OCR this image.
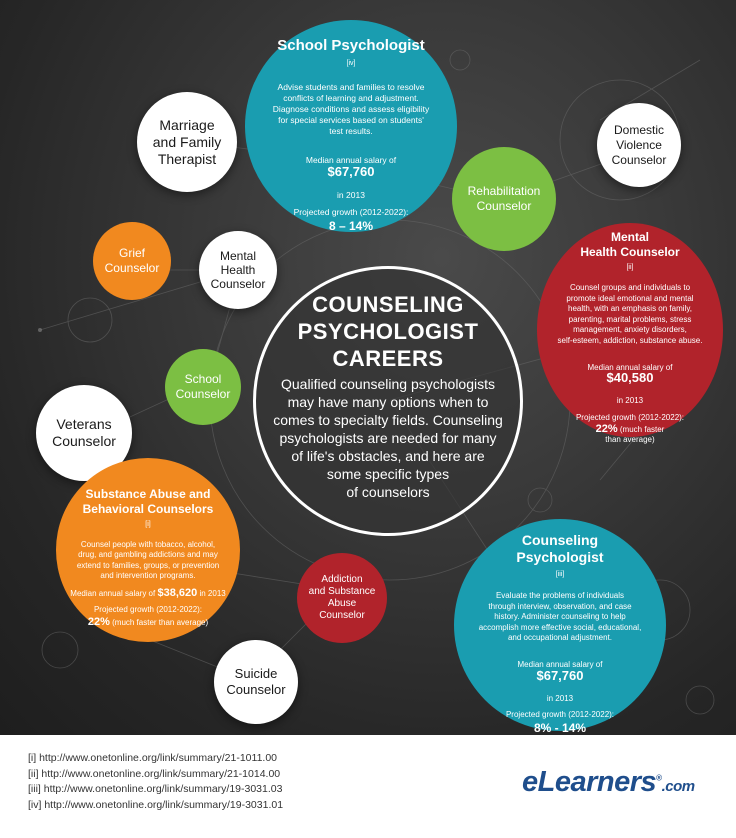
School Psychologist
[iv]

Advise students and families to resolve
conflicts of learning and adjustment.
Diagnose conditions and assess eligibility
for special services based on students'
test results.

Median annual salary of
$67,760

in 2013

Projected growth (2012-2022):
8 – 14%
Marriage
and Family
Therapist
Domestic
Violence
Counselor
Rehabilitation
Counselor
Grief
Counselor
Mental
Health
Counselor

Mental
Health Counselor
[ii]

Counsel groups and individuals to
promote ideal emotional and mental
health, with an emphasis on family,
parenting, marital problems, stress
management, anxiety disorders,
self-esteem, addiction, substance abuse.

Median annual salary of
$40,580

in 2013

Projected growth (2012-2022):
22% (much faster
than average)
School
Counselor
Veterans
Counselor
COUNSELING
PSYCHOLOGIST
CAREERS
Qualified counseling psychologists
may have many options when to
comes to specialty fields. Counseling
psychologists are needed for many
of life's obstacles, and here are
some specific types
of counselors

Substance Abuse and
Behavioral Counselors
[i]

Counsel people with tobacco, alcohol,
drug, and gambling addictions and may
extend to families, groups, or prevention
and intervention programs.
Median annual salary of $38,620 in 2013
Projected growth (2012-2022):
22% (much faster than average)
Addiction
and Substance
Abuse
Counselor

Counseling
Psychologist
[iii]

Evaluate the problems of individuals
through interview, observation, and case
history. Administer counseling to help
accomplish more effective social, educational,
and occupational adjustment.

Median annual salary of
$67,760

in 2013

Projected growth (2012-2022):
8% - 14%
Suicide
Counselor
[i] http://www.onetonline.org/link/summary/21-1011.00
[ii] http://www.onetonline.org/link/summary/21-1014.00
[iii] http://www.onetonline.org/link/summary/19-3031.03
[iv] http://www.onetonline.org/link/summary/19-3031.01
eLearners®.com
